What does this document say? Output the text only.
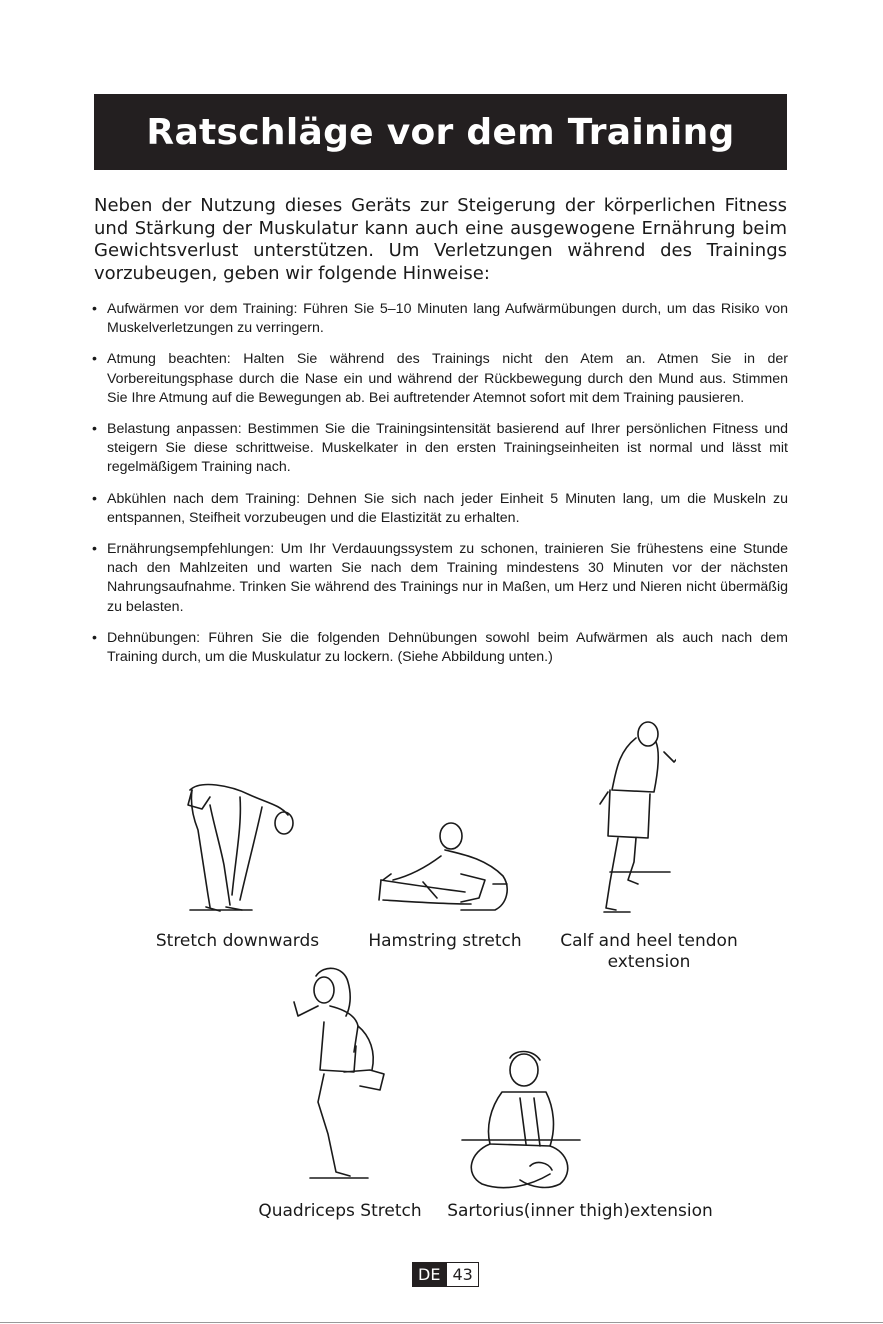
Ratschläge vor dem Training

Neben der Nutzung dieses Geräts zur Steigerung der körperlichen Fitness und Stärkung der Muskulatur kann auch eine ausgewogene Ernährung beim Gewichtsverlust unterstützen. Um Verletzungen während des Trainings vorzubeugen, geben wir folgende Hinweise:

• Aufwärmen vor dem Training: Führen Sie 5–10 Minuten lang Aufwärmübungen durch, um das Risiko von Muskelverletzungen zu verringern.
• Atmung beachten: Halten Sie während des Trainings nicht den Atem an. Atmen Sie in der Vorbereitungsphase durch die Nase ein und während der Rückbewegung durch den Mund aus. Stimmen Sie Ihre Atmung auf die Bewegungen ab. Bei auftretender Atemnot sofort mit dem Training pausieren.
• Belastung anpassen: Bestimmen Sie die Trainingsintensität basierend auf Ihrer persönlichen Fitness und steigern Sie diese schrittweise. Muskelkater in den ersten Trainingseinheiten ist normal und lässt mit regelmäßigem Training nach.
• Abkühlen nach dem Training: Dehnen Sie sich nach jeder Einheit 5 Minuten lang, um die Muskeln zu entspannen, Steifheit vorzubeugen und die Elastizität zu erhalten.
• Ernährungsempfehlungen: Um Ihr Verdauungssystem zu schonen, trainieren Sie frühestens eine Stunde nach den Mahlzeiten und warten Sie nach dem Training mindestens 30 Minuten vor der nächsten Nahrungsaufnahme. Trinken Sie während des Trainings nur in Maßen, um Herz und Nieren nicht übermäßig zu belasten.
• Dehnübungen: Führen Sie die folgenden Dehnübungen sowohl beim Aufwärmen als auch nach dem Training durch, um die Muskulatur zu lockern. (Siehe Abbildung unten.)
Stretch downwards	Hamstring stretch	Calf and heel tendon extension
Quadriceps Stretch	Sartorius(inner thigh)extension
DE 43
